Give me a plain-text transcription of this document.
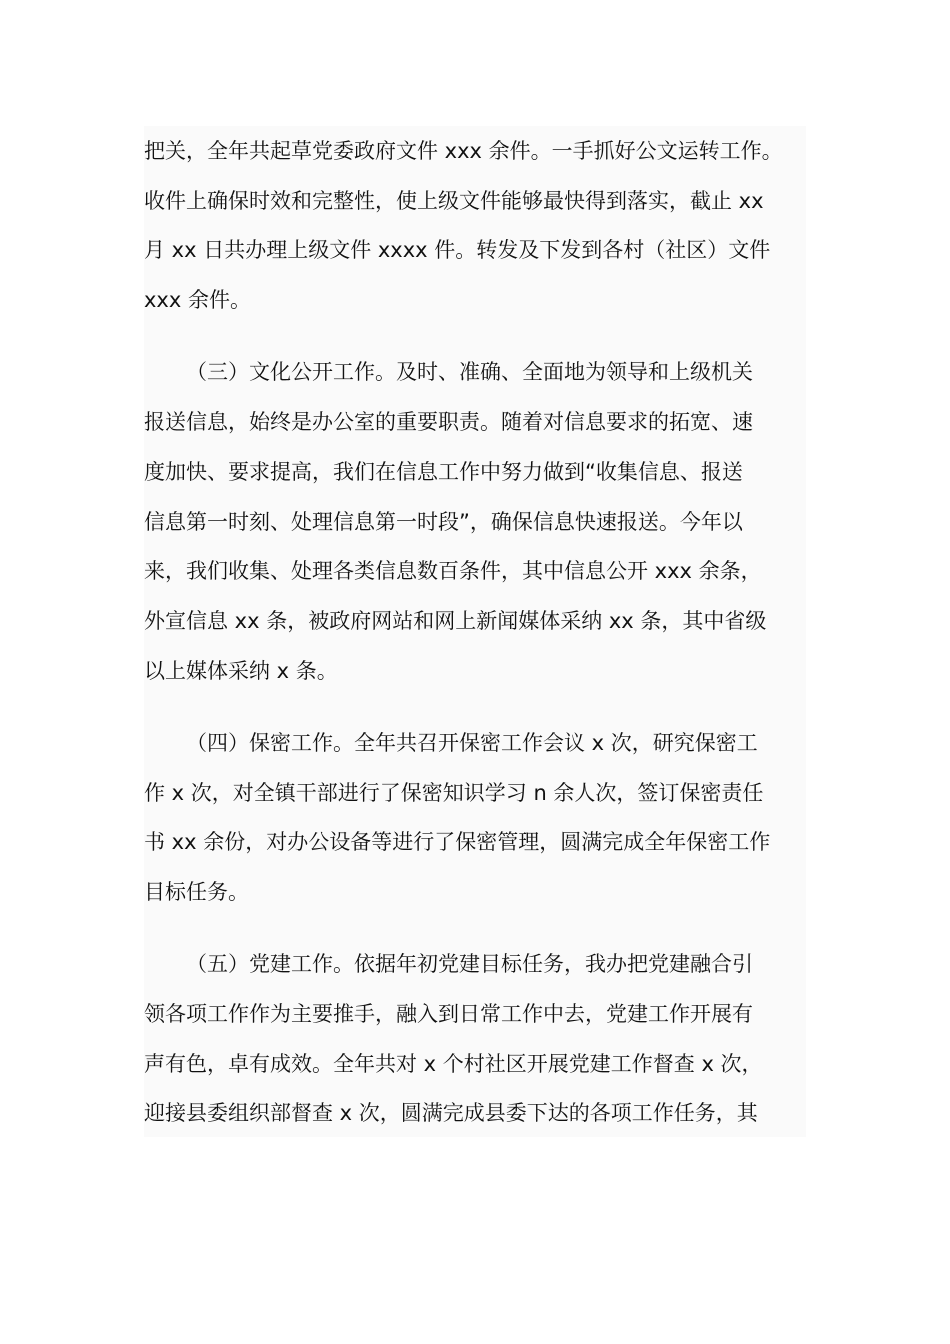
把关，全年共起草党委政府文件 xxx 余件。一手抓好公文运转工作。
收件上确保时效和完整性，使上级文件能够最快得到落实，截止 xx
月 xx 日共办理上级文件 xxxx 件。转发及下发到各村（社区）文件
xxx 余件。
（三）文化公开工作。及时、准确、全面地为领导和上级机关
报送信息，始终是办公室的重要职责。随着对信息要求的拓宽、速
度加快、要求提高，我们在信息工作中努力做到“收集信息、报送
信息第一时刻、处理信息第一时段”，确保信息快速报送。今年以
来，我们收集、处理各类信息数百条件，其中信息公开 xxx 余条，
外宣信息 xx 条，被政府网站和网上新闻媒体采纳 xx 条，其中省级
以上媒体采纳 x 条。
（四）保密工作。全年共召开保密工作会议 x 次，研究保密工
作 x 次，对全镇干部进行了保密知识学习 n 余人次，签订保密责任
书 xx 余份，对办公设备等进行了保密管理，圆满完成全年保密工作
目标任务。
（五）党建工作。依据年初党建目标任务，我办把党建融合引
领各项工作作为主要推手，融入到日常工作中去，党建工作开展有
声有色，卓有成效。全年共对 x 个村社区开展党建工作督查 x 次，
迎接县委组织部督查 x 次，圆满完成县委下达的各项工作任务，其
